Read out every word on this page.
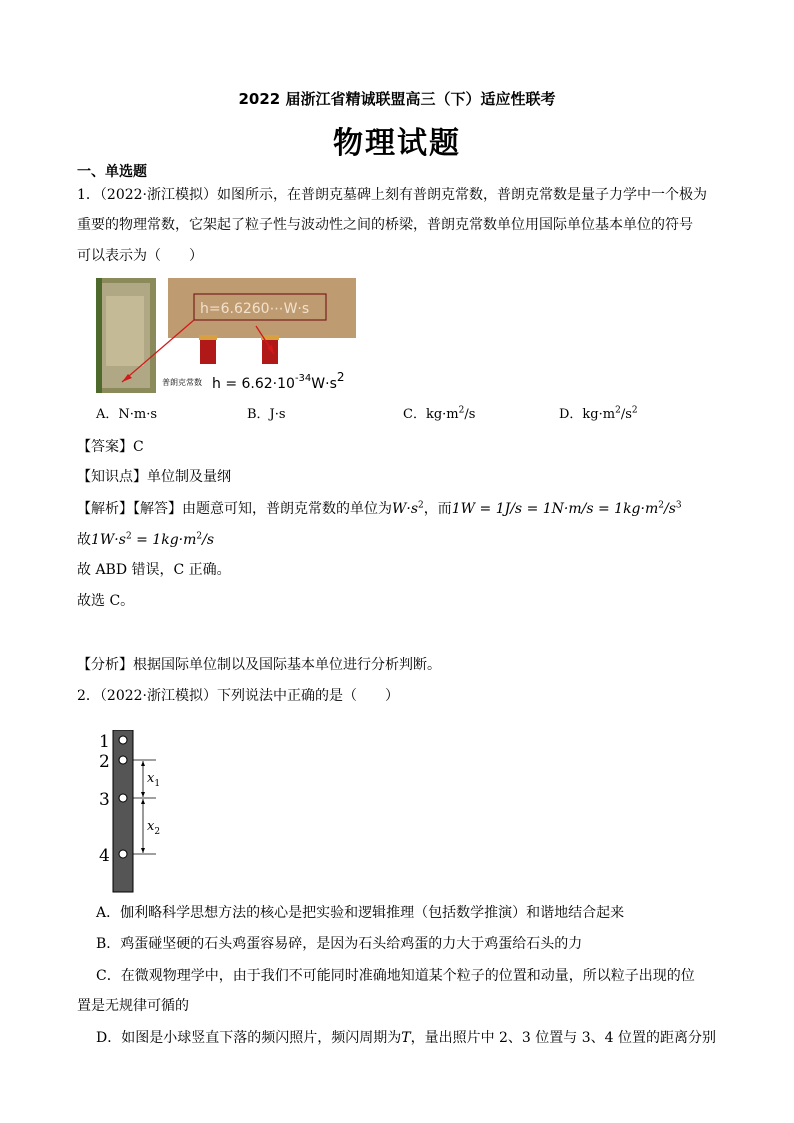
2022 届浙江省精诚联盟高三（下）适应性联考
物理试题
一、单选题
1．（2022·浙江模拟）如图所示，在普朗克墓碑上刻有普朗克常数，普朗克常数是量子力学中一个极为
重要的物理常数，它架起了粒子性与波动性之间的桥梁，普朗克常数单位用国际单位基本单位的符号
可以表示为（　　）
h=6.6260⋯W·s
普朗克常数 $h = 6.62\cdot 10^{-34}W\cdot s2$
A．N·m·s	B．J·s	C．$kg\cdot m^2/s$	D．$kg\cdot m^2/s^2$
【答案】C
【知识点】单位制及量纲
【解析】【解答】由题意可知，普朗克常数的单位为$W\cdot s^2$，而$1W = 1J/s = 1N\cdot m/s = 1kg\cdot m^2/s^3$
故$1W\cdot s^2 = 1kg\cdot m^2/s$
故 ABD 错误，C 正确。
故选 C。
【分析】根据国际单位制以及国际基本单位进行分析判断。
2．（2022·浙江模拟）下列说法中正确的是（　　）
1
2
3
4
$x_1$
$x_2$
A．伽利略科学思想方法的核心是把实验和逻辑推理（包括数学推演）和谐地结合起来
B．鸡蛋碰坚硬的石头鸡蛋容易碎，是因为石头给鸡蛋的力大于鸡蛋给石头的力
C．在微观物理学中，由于我们不可能同时准确地知道某个粒子的位置和动量，所以粒子出现的位
置是无规律可循的
D．如图是小球竖直下落的频闪照片，频闪周期为T，量出照片中 2、3 位置与 3、4 位置的距离分别
